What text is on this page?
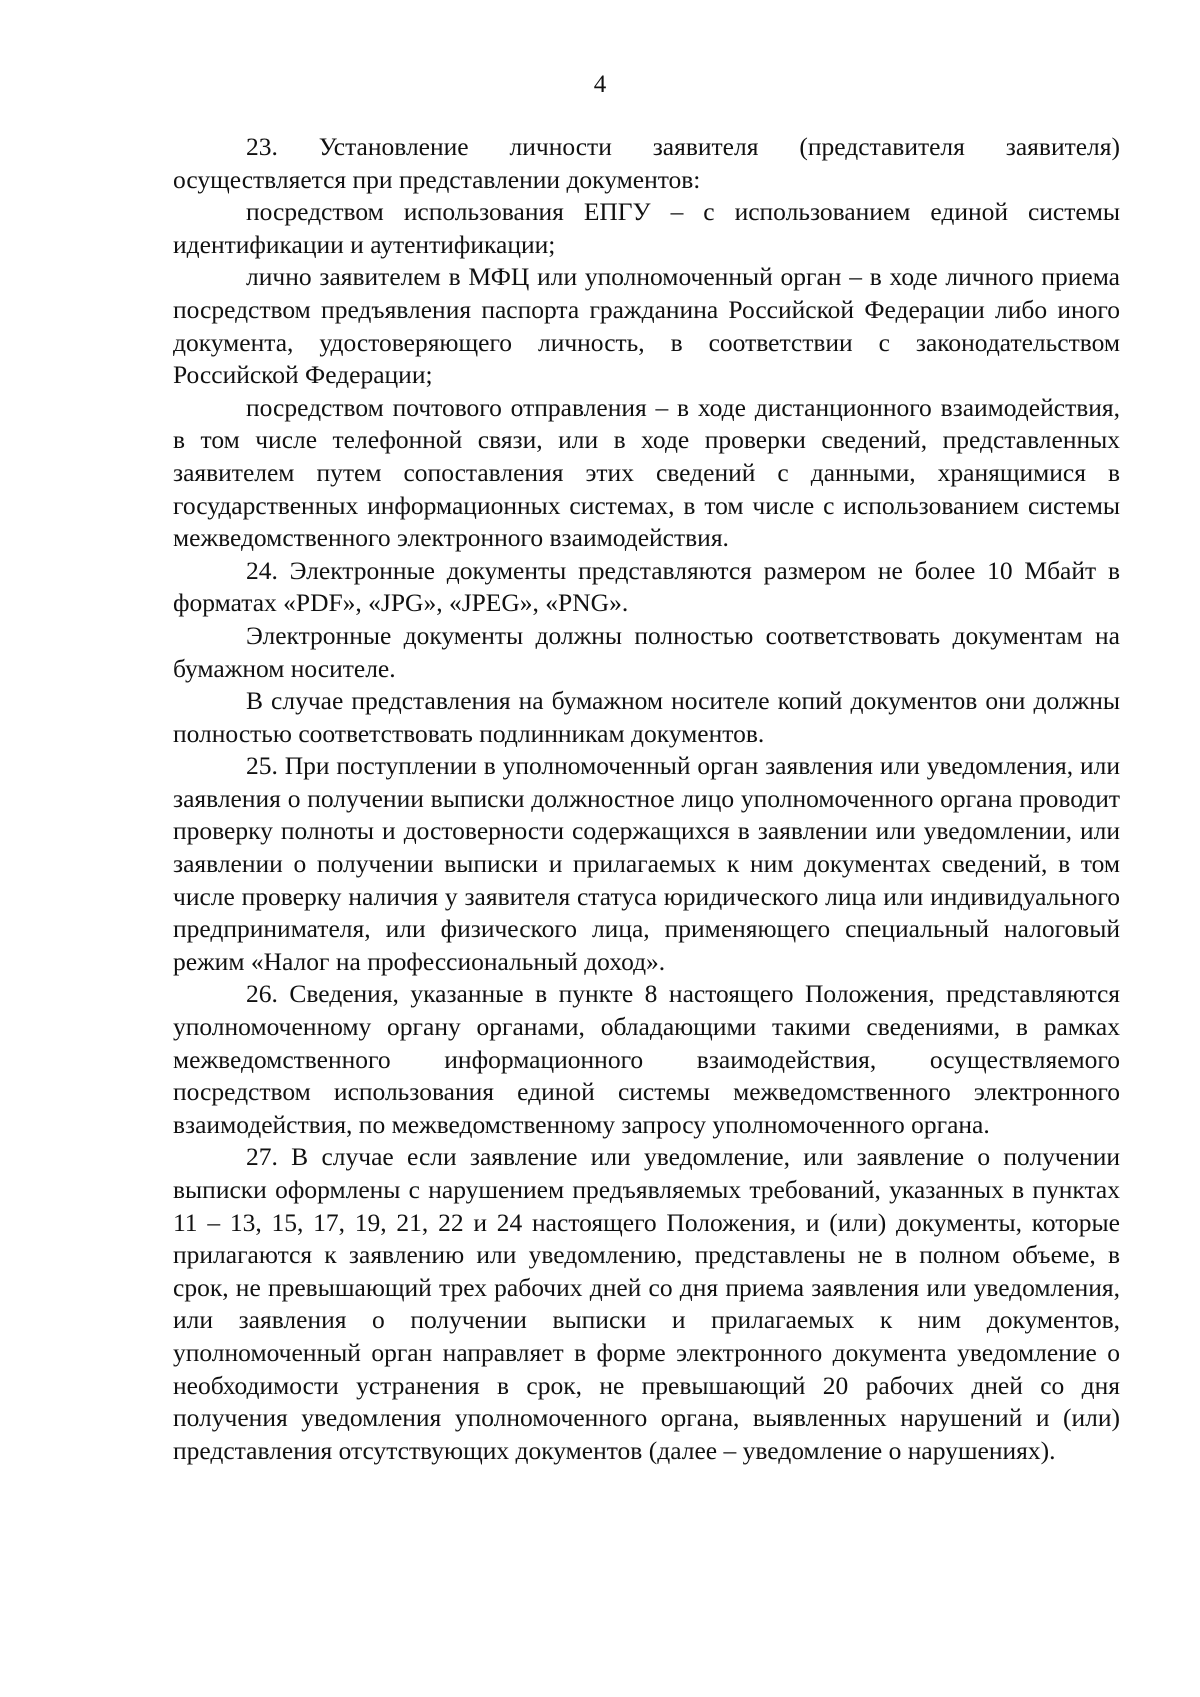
4

23. Установление личности заявителя (представителя заявителя) осуществляется при представлении документов:

посредством использования ЕПГУ – с использованием единой системы идентификации и аутентификации;

лично заявителем в МФЦ или уполномоченный орган – в ходе личного приема посредством предъявления паспорта гражданина Российской Федерации либо иного документа, удостоверяющего личность, в соответствии с законодательством Российской Федерации;

посредством почтового отправления – в ходе дистанционного взаимодействия, в том числе телефонной связи, или в ходе проверки сведений, представленных заявителем путем сопоставления этих сведений с данными, хранящимися в государственных информационных системах, в том числе с использованием системы межведомственного электронного взаимодействия.

24. Электронные документы представляются размером не более 10 Мбайт в форматах «PDF», «JPG», «JPEG», «PNG».

Электронные документы должны полностью соответствовать документам на бумажном носителе.

В случае представления на бумажном носителе копий документов они должны полностью соответствовать подлинникам документов.

25. При поступлении в уполномоченный орган заявления или уведомления, или заявления о получении выписки должностное лицо уполномоченного органа проводит проверку полноты и достоверности содержащихся в заявлении или уведомлении, или заявлении о получении выписки и прилагаемых к ним документах сведений, в том числе проверку наличия у заявителя статуса юридического лица или индивидуального предпринимателя, или физического лица, применяющего специальный налоговый режим «Налог на профессиональный доход».

26. Сведения, указанные в пункте 8 настоящего Положения, представляются уполномоченному органу органами, обладающими такими сведениями, в рамках межведомственного информационного взаимодействия, осуществляемого посредством использования единой системы межведомственного электронного взаимодействия, по межведомственному запросу уполномоченного органа.

27. В случае если заявление или уведомление, или заявление о получении выписки оформлены с нарушением предъявляемых требований, указанных в пунктах 11 – 13, 15, 17, 19, 21, 22 и 24 настоящего Положения, и (или) документы, которые прилагаются к заявлению или уведомлению, представлены не в полном объеме, в срок, не превышающий трех рабочих дней со дня приема заявления или уведомления, или заявления о получении выписки и прилагаемых к ним документов, уполномоченный орган направляет в форме электронного документа уведомление о необходимости устранения в срок, не превышающий 20 рабочих дней со дня получения уведомления уполномоченного органа, выявленных нарушений и (или) представления отсутствующих документов (далее – уведомление о нарушениях).
